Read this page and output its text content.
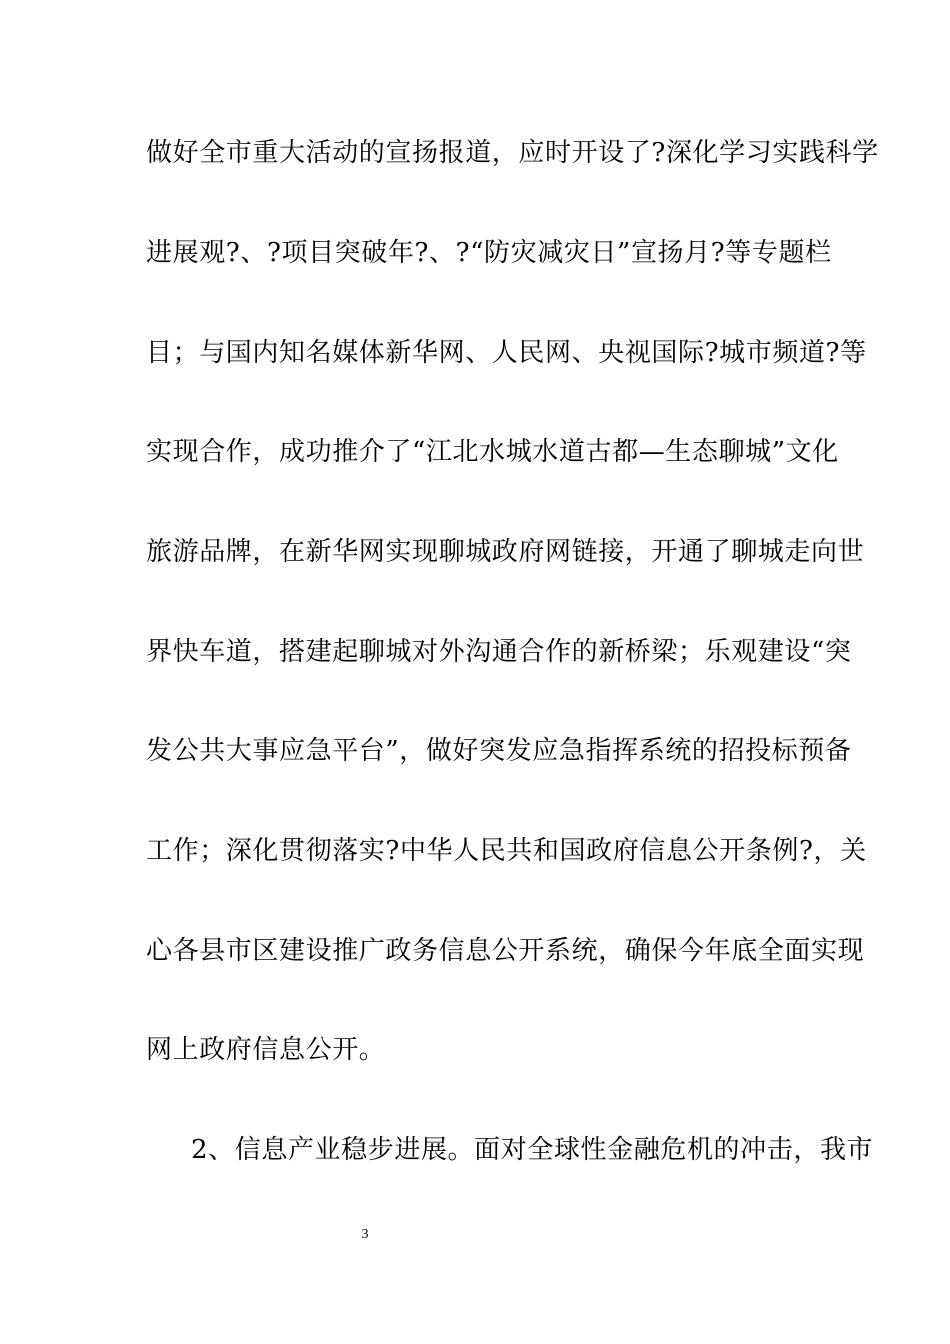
做好全市重大活动的宣扬报道，应时开设了?深化学习实践科学
进展观?、?项目突破年?、?“防灾减灾日”宣扬月?等专题栏
目；与国内知名媒体新华网、人民网、央视国际?城市频道?等
实现合作，成功推介了“江北水城水道古都—生态聊城”文化
旅游品牌，在新华网实现聊城政府网链接，开通了聊城走向世
界快车道，搭建起聊城对外沟通合作的新桥梁；乐观建设“突
发公共大事应急平台”，做好突发应急指挥系统的招投标预备
工作；深化贯彻落实?中华人民共和国政府信息公开条例?，关
心各县市区建设推广政务信息公开系统，确保今年底全面实现
网上政府信息公开。
2、信息产业稳步进展。面对全球性金融危机的冲击，我市
3
